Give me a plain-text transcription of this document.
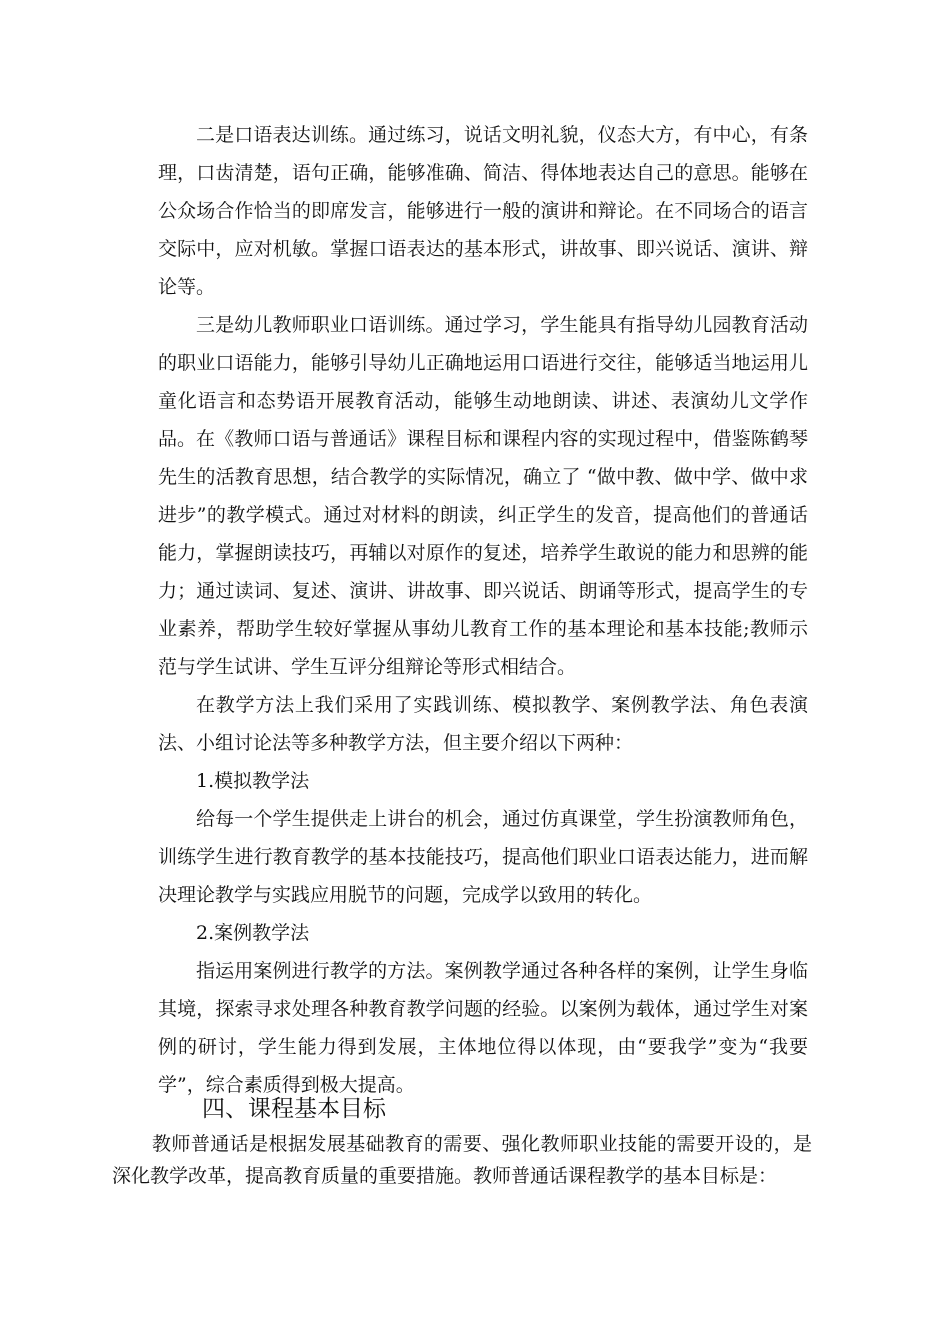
二是口语表达训练。通过练习，说话文明礼貌，仪态大方，有中心，有条理，口齿清楚，语句正确，能够准确、简洁、得体地表达自己的意思。能够在公众场合作恰当的即席发言，能够进行一般的演讲和辩论。在不同场合的语言交际中，应对机敏。掌握口语表达的基本形式，讲故事、即兴说话、演讲、辩论等。

三是幼儿教师职业口语训练。通过学习，学生能具有指导幼儿园教育活动的职业口语能力，能够引导幼儿正确地运用口语进行交往，能够适当地运用儿童化语言和态势语开展教育活动，能够生动地朗读、讲述、表演幼儿文学作品。 在《教师口语与普通话》课程目标和课程内容的实现过程中，借鉴陈鹤琴先生的活教育思想，结合教学的实际情况，确立了 “做中教、做中学、做中求进步”的教学模式。通过对材料的朗读，纠正学生的发音，提高他们的普通话能力，掌握朗读技巧，再辅以对原作的复述，培养学生敢说的能力和思辨的能力；通过读词、复述、演讲、讲故事、即兴说话、朗诵等形式，提高学生的专业素养，帮助学生较好掌握从事幼儿教育工作的基本理论和基本技能;教师示范与学生试讲、学生互评分组辩论等形式相结合。

在教学方法上我们采用了实践训练、模拟教学、案例教学法、角色表演法、小组讨论法等多种教学方法，但主要介绍以下两种：

1.模拟教学法

给每一个学生提供走上讲台的机会，通过仿真课堂，学生扮演教师角色，训练学生进行教育教学的基本技能技巧，提高他们职业口语表达能力，进而解决理论教学与实践应用脱节的问题，完成学以致用的转化。

2.案例教学法

指运用案例进行教学的方法。案例教学通过各种各样的案例，让学生身临其境，探索寻求处理各种教育教学问题的经验。以案例为载体，通过学生对案例的研讨，学生能力得到发展，主体地位得以体现，由“要我学”变为“我要学”，综合素质得到极大提高。

四、课程基本目标

教师普通话是根据发展基础教育的需要、强化教师职业技能的需要开设的，是深化教学改革，提高教育质量的重要措施。教师普通话课程教学的基本目标是：
